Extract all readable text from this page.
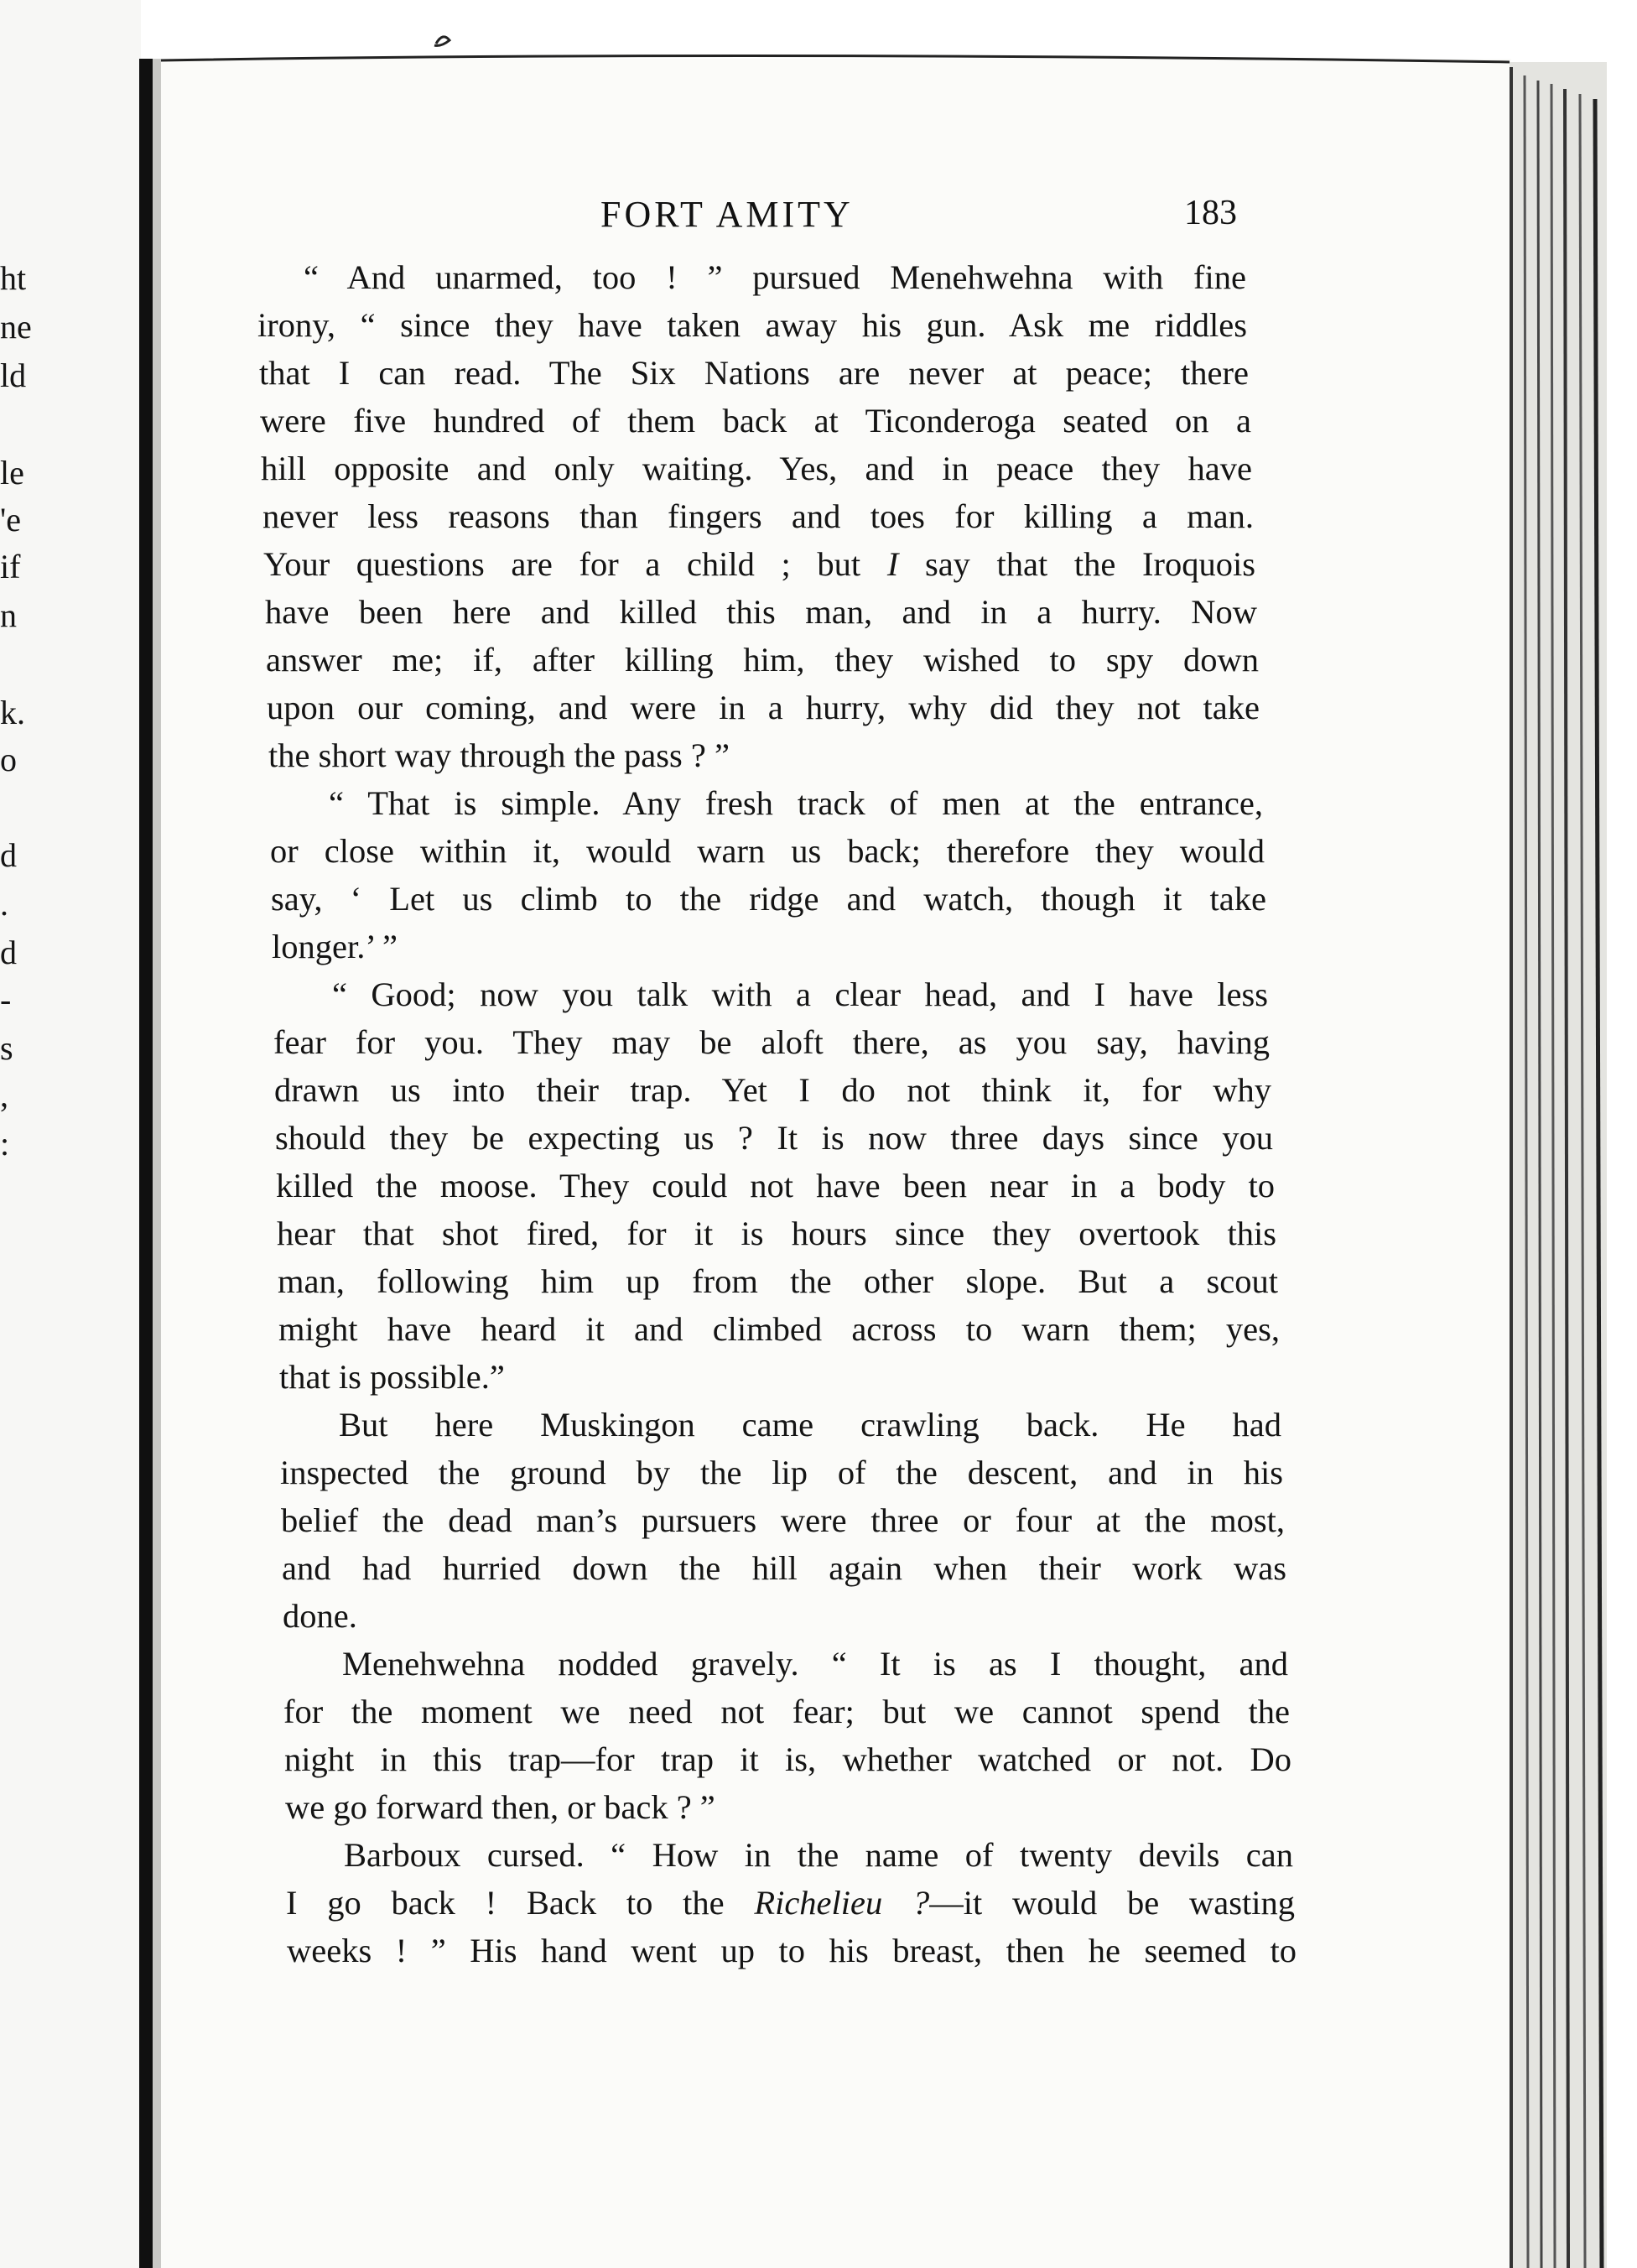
ht
ne
ld
le
'e
if
n
k.
o
d
.
d
-
s
,
:
FORT AMITY	183
“ And unarmed, too ! ” pursued Menehwehna with fine
irony, “ since they have taken away his gun. Ask me riddles
that I can read. The Six Nations are never at peace; there
were five hundred of them back at Ticonderoga seated on a
hill opposite and only waiting. Yes, and in peace they have
never less reasons than fingers and toes for killing a man.
Your questions are for a child ; but I say that the Iroquois
have been here and killed this man, and in a hurry. Now
answer me; if, after killing him, they wished to spy down
upon our coming, and were in a hurry, why did they not take
the short way through the pass ? ”
“ That is simple. Any fresh track of men at the entrance,
or close within it, would warn us back; therefore they would
say, ‘ Let us climb to the ridge and watch, though it take
longer.’ ”
“ Good; now you talk with a clear head, and I have less
fear for you. They may be aloft there, as you say, having
drawn us into their trap. Yet I do not think it, for why
should they be expecting us ? It is now three days since you
killed the moose. They could not have been near in a body to
hear that shot fired, for it is hours since they overtook this
man, following him up from the other slope. But a scout
might have heard it and climbed across to warn them; yes,
that is possible.”
But here Muskingon came crawling back. He had
inspected the ground by the lip of the descent, and in his
belief the dead man’s pursuers were three or four at the most,
and had hurried down the hill again when their work was
done.
Menehwehna nodded gravely. “ It is as I thought, and
for the moment we need not fear; but we cannot spend the
night in this trap—for trap it is, whether watched or not. Do
we go forward then, or back ? ”
Barboux cursed. “ How in the name of twenty devils can
I go back ! Back to the Richelieu ?—it would be wasting
weeks ! ” His hand went up to his breast, then he seemed to
